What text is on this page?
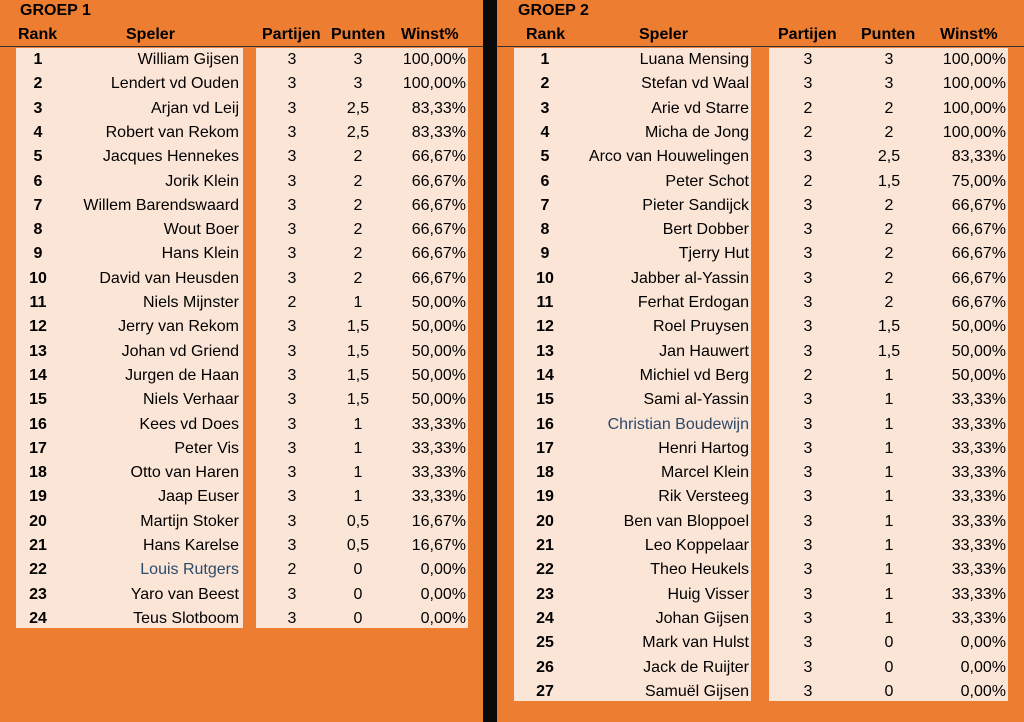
GROEP 1
Rank	Speler	Partijen Punten Winst%
1	William Gijsen	3	3	100,00%
2	Lendert vd Ouden	3	3	100,00%
3	Arjan vd Leij	3	2,5	83,33%
4	Robert van Rekom	3	2,5	83,33%
5	Jacques Hennekes	3	2	66,67%
6	Jorik Klein	3	2	66,67%
7	Willem Barendswaard	3	2	66,67%
8	Wout Boer	3	2	66,67%
9	Hans Klein	3	2	66,67%
10	David van Heusden	3	2	66,67%
11	Niels Mijnster	2	1	50,00%
12	Jerry van Rekom	3	1,5	50,00%
13	Johan vd Griend	3	1,5	50,00%
14	Jurgen de Haan	3	1,5	50,00%
15	Niels Verhaar	3	1,5	50,00%
16	Kees vd Does	3	1	33,33%
17	Peter Vis	3	1	33,33%
18	Otto van Haren	3	1	33,33%
19	Jaap Euser	3	1	33,33%
20	Martijn Stoker	3	0,5	16,67%
21	Hans Karelse	3	0,5	16,67%
22	Louis Rutgers	2	0	0,00%
23	Yaro van Beest	3	0	0,00%
24	Teus Slotboom	3	0	0,00%
GROEP 2
Rank	Speler	Partijen Punten Winst%
1	Luana Mensing	3	3	100,00%
2	Stefan vd Waal	3	3	100,00%
3	Arie vd Starre	2	2	100,00%
4	Micha de Jong	2	2	100,00%
5	Arco van Houwelingen	3	2,5	83,33%
6	Peter Schot	2	1,5	75,00%
7	Pieter Sandijck	3	2	66,67%
8	Bert Dobber	3	2	66,67%
9	Tjerry Hut	3	2	66,67%
10	Jabber al-Yassin	3	2	66,67%
11	Ferhat Erdogan	3	2	66,67%
12	Roel Pruysen	3	1,5	50,00%
13	Jan Hauwert	3	1,5	50,00%
14	Michiel vd Berg	2	1	50,00%
15	Sami al-Yassin	3	1	33,33%
16	Christian Boudewijn	3	1	33,33%
17	Henri Hartog	3	1	33,33%
18	Marcel Klein	3	1	33,33%
19	Rik Versteeg	3	1	33,33%
20	Ben van Bloppoel	3	1	33,33%
21	Leo Koppelaar	3	1	33,33%
22	Theo Heukels	3	1	33,33%
23	Huig Visser	3	1	33,33%
24	Johan Gijsen	3	1	33,33%
25	Mark van Hulst	3	0	0,00%
26	Jack de Ruijter	3	0	0,00%
27	Samuël Gijsen	3	0	0,00%
